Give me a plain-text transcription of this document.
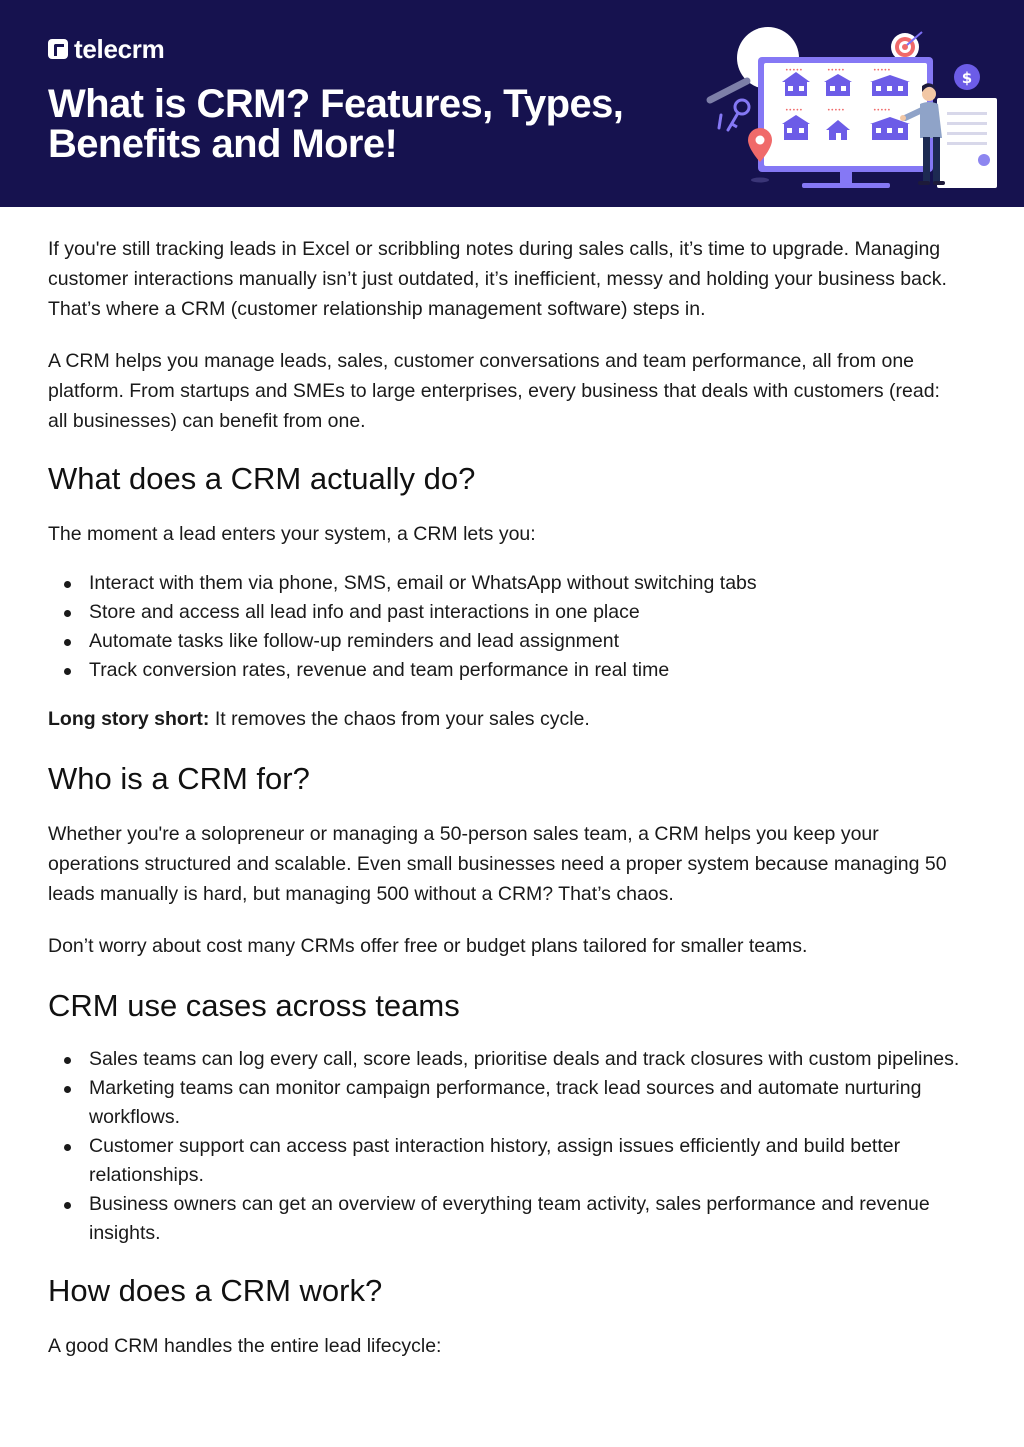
telecrm
What is CRM? Features, Types, Benefits and More!
$
•••••	•••••	•••••
•••••	•••••	•••••

If you're still tracking leads in Excel or scribbling notes during sales calls, it’s time to upgrade. Managing customer interactions manually isn’t just outdated, it’s inefficient, messy and holding your business back. That’s where a CRM (customer relationship management software) steps in.

A CRM helps you manage leads, sales, customer conversations and team performance, all from one platform. From startups and SMEs to large enterprises, every business that deals with customers (read: all businesses) can benefit from one.

What does a CRM actually do?

The moment a lead enters your system, a CRM lets you:

Interact with them via phone, SMS, email or WhatsApp without switching tabs
Store and access all lead info and past interactions in one place
Automate tasks like follow-up reminders and lead assignment
Track conversion rates, revenue and team performance in real time

Long story short: It removes the chaos from your sales cycle.

Who is a CRM for?

Whether you're a solopreneur or managing a 50-person sales team, a CRM helps you keep your operations structured and scalable. Even small businesses need a proper system because managing 50 leads manually is hard, but managing 500 without a CRM? That’s chaos.

Don’t worry about cost many CRMs offer free or budget plans tailored for smaller teams.

CRM use cases across teams
Sales teams can log every call, score leads, prioritise deals and track closures with custom pipelines.
Marketing teams can monitor campaign performance, track lead sources and automate nurturing workflows.
Customer support can access past interaction history, assign issues efficiently and build better relationships.
Business owners can get an overview of everything team activity, sales performance and revenue insights.
How does a CRM work?

A good CRM handles the entire lead lifecycle:
